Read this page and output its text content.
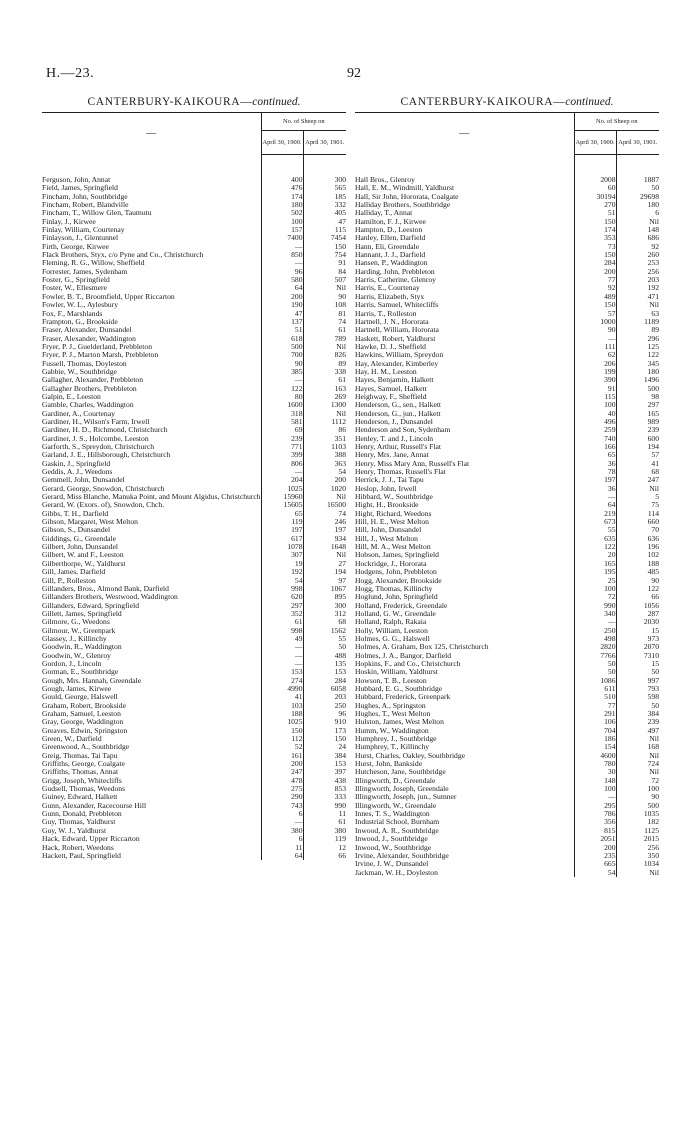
H.—23.	92
CANTERBURY-KAIKOURA—continued.
—	No. of Sheep on	
	April 30, 1900.	April 30, 1901.

Ferguson, John, Annat	400	300
Field, James, Springfield	476	565
Fincham, John, Southbridge	174	185
Fincham, Robert, Blandville	180	332
Fincham, T., Willow Glen, Taumutu	502	405
Finlay, J., Kirwee	100	47
Finlay, William, Courtenay	157	115
Finlayson, J., Glentunnel	7400	7454
Firth, George, Kirwee	—	150
Flack Brothers, Styx, c/o Pyne and Co., Christchurch	850	754
Fleming, R. G., Willow, Sheffield	—	91
Forrester, James, Sydenham	96	84
Foster, G., Springfield	580	507
Foster, W., Ellesmere	64	Nil
Fowler, B. T., Broomfield, Upper Riccarton	200	90
Fowler, W. L., Aylesbury	190	108
Fox, F., Marshlands	47	81
Frampton, G., Brookside	137	74
Fraser, Alexander, Dunsandel	51	61
Fraser, Alexander, Waddington	618	789
Fryer, P. J., Guelderland, Prebbleton	500	Nil
Fryer, P. J., Marton Marsh, Prebbleton	700	826
Fussell, Thomas, Doyleston	90	89
Gabbie, W., Southbridge	385	338
Gallagher, Alexander, Prebbleton	—	61
Gallagher Brothers, Prebbleton	122	163
Galpin, E., Leeston	80	269
Gamble, Charles, Waddington	1600	1300
Gardiner, A., Courtenay	318	Nil
Gardiner, H., Wilson's Farm, Irwell	581	1112
Gardiner, H. D., Richmond, Christchurch	69	86
Gardiner, J. S., Holcombe, Leeston	239	351
Garforth, S., Spreydon, Christchurch	771	1103
Garland, J. E., Hillsborough, Christchurch	399	388
Gaskin, J., Springfield	806	363
Geddis, A. J., Weedons	—	54
Gemmell, John, Dunsandel	204	200
Gerard, George, Snowdon, Christchurch	1025	1020
Gerard, Miss Blanche, Manuka Point, and Mount Algidus, Christchurch	15960	Nil
Gerard, W. (Exors. of), Snowdon, Chch.	15605	16500
Gibbs, T. H., Darfield	65	74
Gibson, Margaret, West Melton	119	246
Gibson, S., Dunsandel	197	197
Giddings, G., Greendale	617	934
Gilbert, John, Dunsandel	1078	1648
Gilbert, W. and F., Leeston	307	Nil
Gilberthorpe, W., Yaldhurst	19	27
Gill, James, Darfield	192	194
Gill, P., Rolleston	54	97
Gillanders, Bros., Almond Bank, Darfield	998	1067
Gillanders Brothers, Westwood, Waddington	620	895
Gillanders, Edward, Springfield	297	300
Gillett, James, Springfield	352	312
Gilmore, G., Weedons	61	68
Gilmour, W., Greenpark	998	1562
Glassey, J., Killinchy	49	55
Goodwin, R., Waddington	—	50
Goodwin, W., Glenroy	—	488
Gordon, J., Lincoln	—	135
Gorman, E., Southbridge	153	153
Gough, Mrs. Hannah, Greendale	274	284
Gough, James, Kirwee	4990	6058
Gould, George, Halswell	41	203
Graham, Robert, Brookside	103	250
Graham, Samuel, Leeston	188	96
Gray, George, Waddington	1025	910
Greaves, Edwin, Springston	150	173
Green, W., Darfield	112	150
Greenwood, A., Southbridge	52	24
Greig, Thomas, Tai Tapu	161	384
Griffiths, George, Coalgate	200	153
Griffiths, Thomas, Annat	247	397
Grigg, Joseph, Whitecliffs	478	438
Gudsell, Thomas, Weedons	275	853
Guiney, Edward, Halkett	290	333
Gunn, Alexander, Racecourse Hill	743	990
Gunn, Donald, Prebbleton	6	11
Guy, Thomas, Yaldhurst	—	61
Guy, W. J., Yaldhurst	380	380
Hack, Edward, Upper Riccarton	6	119
Hack, Robert, Weedons	11	12
Hackett, Paul, Springfield	64	66
CANTERBURY-KAIKOURA—continued.
—	No. of Sheep on	
	April 30, 1900.	April 30, 1901.

Hall Bros., Glenroy	2008	1887
Hall, E. M., Windmill, Yaldhurst	60	50
Hall, Sir John, Hororata, Coalgate	30194	29698
Halliday Brothers, Southbridge	270	180
Halliday, T., Annat	51	6
Hamilton, F. J., Kirwee	150	Nil
Hampton, D., Leeston	174	148
Hanley, Ellen, Darfield	353	686
Hann, Eli, Greendale	73	92
Hannant, J. J., Darfield	150	260
Hansen, P., Waddington	284	253
Harding, John, Prebbleton	200	256
Harris, Catherine, Glenroy	77	203
Harris, E., Courtenay	92	192
Harris, Elizabeth, Styx	489	471
Harris, Samuel, Whitecliffs	150	Nil
Harris, T., Rolleston	57	63
Hartnell, J. N., Hororata	1000	1189
Hartnell, William, Hororata	90	89
Haskett, Robert, Yaldhurst	—	296
Hawke, D. J., Sheffield	111	125
Hawkins, William, Spreydon	62	122
Hay, Alexander, Kimberley	206	345
Hay, H. M., Leeston	199	180
Hayes, Benjamin, Halkett	390	1496
Hayes, Samuel, Halkett	91	500
Heighway, F., Sheffield	115	98
Henderson, G., sen., Halkett	100	297
Henderson, G., jun., Halkett	40	165
Henderson, J., Dunsandel	496	989
Henderson and Son, Sydenham	259	239
Henley, T. and J., Lincoln	740	600
Henry, Arthur, Russell's Flat	166	194
Henry, Mrs. Jane, Annat	65	57
Henry, Miss Mary Ann, Russell's Flat	36	41
Henry, Thomas, Russell's Flat	78	68
Herrick, J. J., Tai Tapu	197	247
Heslop, John, Irwell	36	Nil
Hibbard, W., Southbridge	—	5
Hight, H., Brookside	64	75
Hight, Richard, Weedons	219	114
Hill, H. E., West Melton	673	660
Hill, John, Dunsandel	55	70
Hill, J., West Melton	635	636
Hill, M. A., West Melton	122	196
Hobson, James, Springfield	20	102
Hockridge, J., Hororata	165	188
Hodgens, John, Prebbleton	195	485
Hogg, Alexander, Brookside	25	90
Hogg, Thomas, Killinchy	100	122
Hoglund, John, Springfield	72	66
Holland, Frederick, Greendale	990	1056
Holland, G. W., Greendale	340	287
Holland, Ralph, Rakaia	—	2030
Holly, William, Leeston	250	15
Holmes, G. G., Halswell	498	973
Holmes, A. Graham, Box 125, Christchurch	2820	2070
Holmes, J. A., Bangor, Darfield	7766	7310
Hopkins, F., and Co., Christchurch	50	15
Hoskin, William, Yaldhurst	50	50
Howson, T. B., Leeston	1086	997
Hubbard, E. G., Southbridge	611	793
Hubbard, Frederick, Greenpark	510	598
Hughes, A., Springston	77	50
Hughes, T., West Melton	291	384
Hulston, James, West Melton	106	239
Humm, W., Waddington	704	497
Humphrey, J., Southbridge	186	Nil
Humphrey, T., Killinchy	154	168
Hurst, Charles, Oakley, Southbridge	4600	Nil
Hurst, John, Bankside	780	724
Hutcheson, Jane, Southbridge	30	Nil
Illingworth, D., Greendale	148	72
Illingworth, Joseph, Greendale	100	100
Illingworth, Joseph, jun., Sumner	—	90
Illingworth, W., Greendale	295	500
Innes, T. S., Waddington	786	1035
Industrial School, Burnham	356	182
Inwood, A. R., Southbridge	815	1125
Inwood, J., Southbridge	2051	2015
Inwood, W., Southbridge	200	256
Irvine, Alexander, Southbridge	235	350
Irvine, J. W., Dunsandel	665	1034
Jackman, W. H., Doyleston	54	Nil
